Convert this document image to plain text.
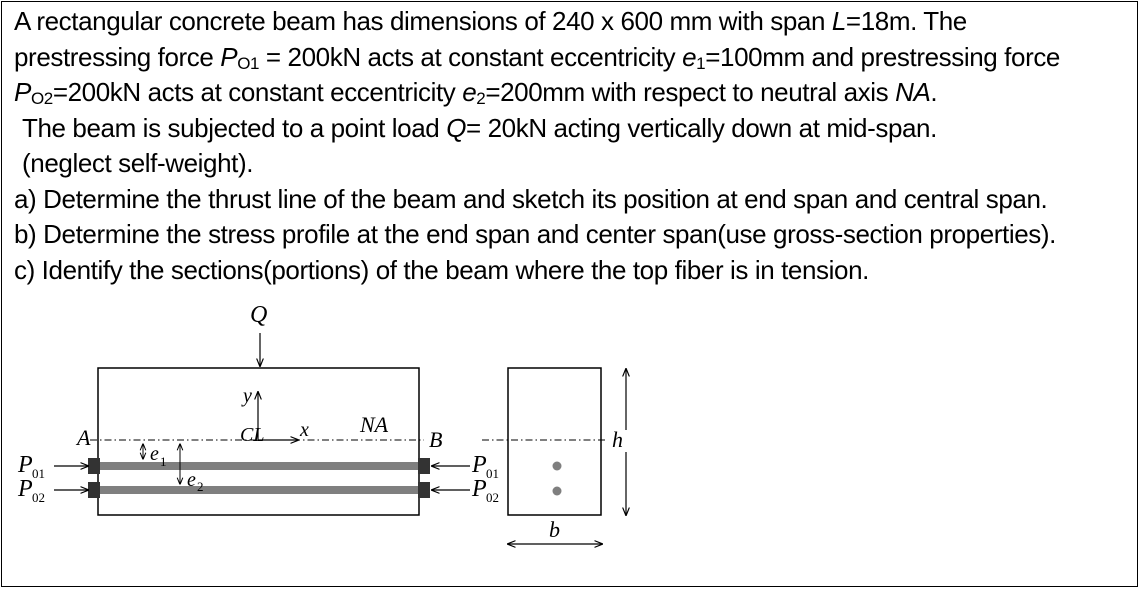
A rectangular concrete beam has dimensions of 240 x 600 mm with span L=18m. The
prestressing force $P_{O1} = 200kN$ acts at constant eccentricity $e_1=100mm$ and prestressing force
$P_{O2}=200kN$ acts at constant eccentricity $e_2=200mm$ with respect to neutral axis NA.
The beam is subjected to a point load Q= 20kN acting vertically down at mid-span.
(neglect self-weight).
a) Determine the thrust line of the beam and sketch its position at end span and central span.
b) Determine the stress profile at the end span and center span(use gross-section properties).
c) Identify the sections(portions) of the beam where the top fiber is in tension.
Q
y
x
CL	NA
A	B
e 1
e 2
P 01
P 02
P 01
P 02
h
b
